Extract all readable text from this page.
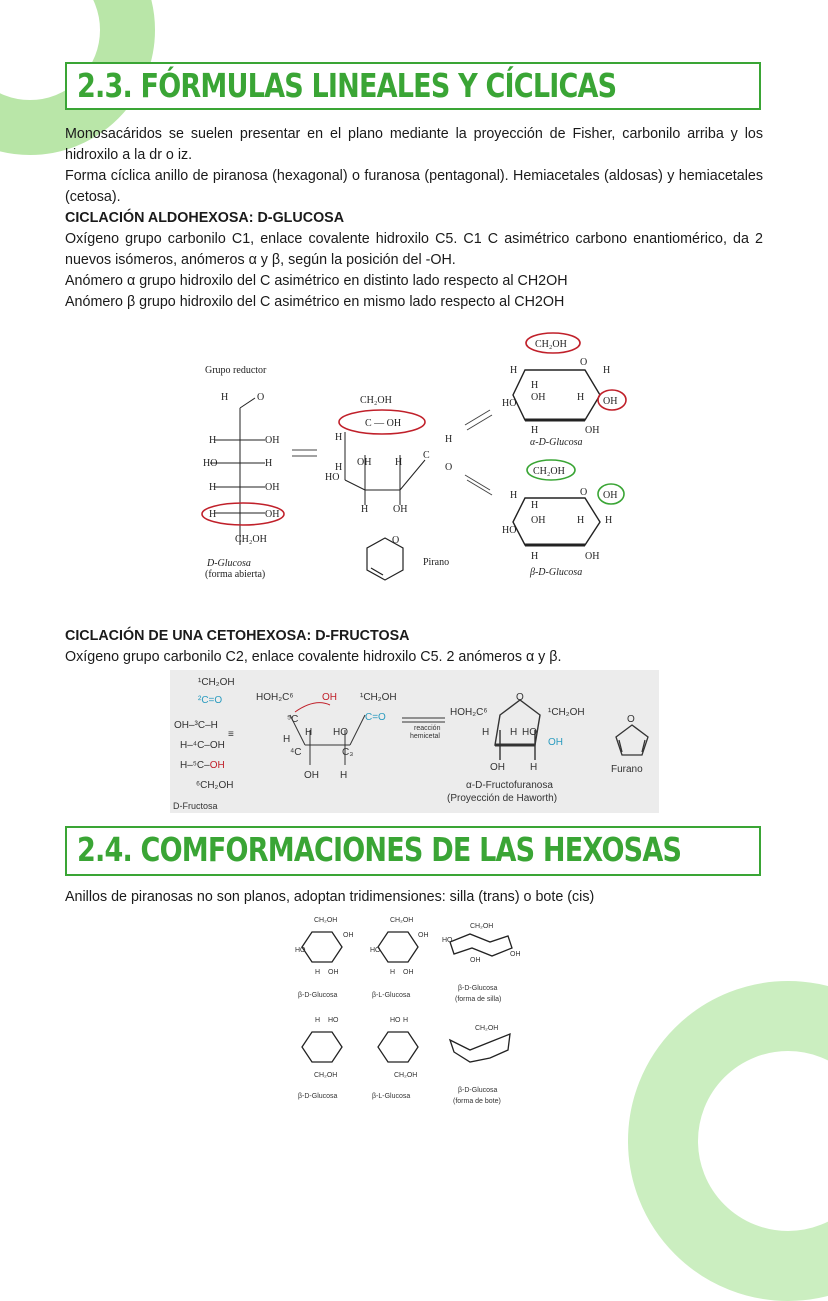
2.3. FÓRMULAS LINEALES Y CÍCLICAS

Monosacáridos se suelen presentar en el plano mediante la proyección de Fisher, carbonilo arriba y los hidroxilo a la dr o iz.

Forma cíclica anillo de piranosa (hexagonal) o furanosa (pentagonal). Hemiacetales (aldosas) y hemiacetales (cetosa).

CICLACIÓN ALDOHEXOSA: D-GLUCOSA

Oxígeno grupo carbonilo C1, enlace covalente hidroxilo C5. C1 C asimétrico carbono enantiomérico, da 2 nuevos isómeros, anómeros α y β, según la posición del -OH.

Anómero α grupo hidroxilo del C asimétrico en distinto lado respecto al CH2OH

Anómero β grupo hidroxilo del C asimétrico en mismo lado respecto al CH2OH

Grupo reductor
H	O
H	OH
HO	H
H	OH
H	OH
CH₂OH
D-Glucosa
(forma abierta)
CH₂OH
C — OH
H
H OH H
HO
H OH
C
H
O
O
Pirano
CH₂OH
H
O
H
H
OH	H
HO	OH
H	OH
α-D-Glucosa
CH₂OH
OH
H	O
H
OH	H
HO
H
H	OH
β-D-Glucosa

CICLACIÓN DE UNA CETOHEXOSA: D-FRUCTOSA

Oxígeno grupo carbonilo C2, enlace covalente hidroxilo C5. 2 anómeros α y β.

¹CH₂OH
²C=O
OH–³C–H
H–⁴C–OH
H–⁵C–OH
⁶CH₂OH
D-Fructosa
≡
HOH₂C⁶	OH ¹CH₂OH
C=O
⁵C
H
H
HO
⁴C	C₃
OH H
reacción
hemicetal
HOH₂C⁶
O
¹CH₂OH
H H HO
OH
OH	H
α-D-Fructofuranosa
(Proyección de Haworth)
O
Furano
2.4. COMFORMACIONES DE LAS HEXOSAS

Anillos de piranosas no son planos, adoptan tridimensiones: silla (trans) o bote (cis)

CH₂OH	CH₂OH
CH₂OH
HO
OH
H OH
HO
OH
H OH
HO
OH
OH
β-D-Glucosa	β-L-Glucosa
β-D-Glucosa
(forma de silla)
H HO	HO H
CH₂OH
CH₂OH	CH₂OH
β-D-Glucosa	β-L-Glucosa
β-D-Glucosa
(forma de bote)
